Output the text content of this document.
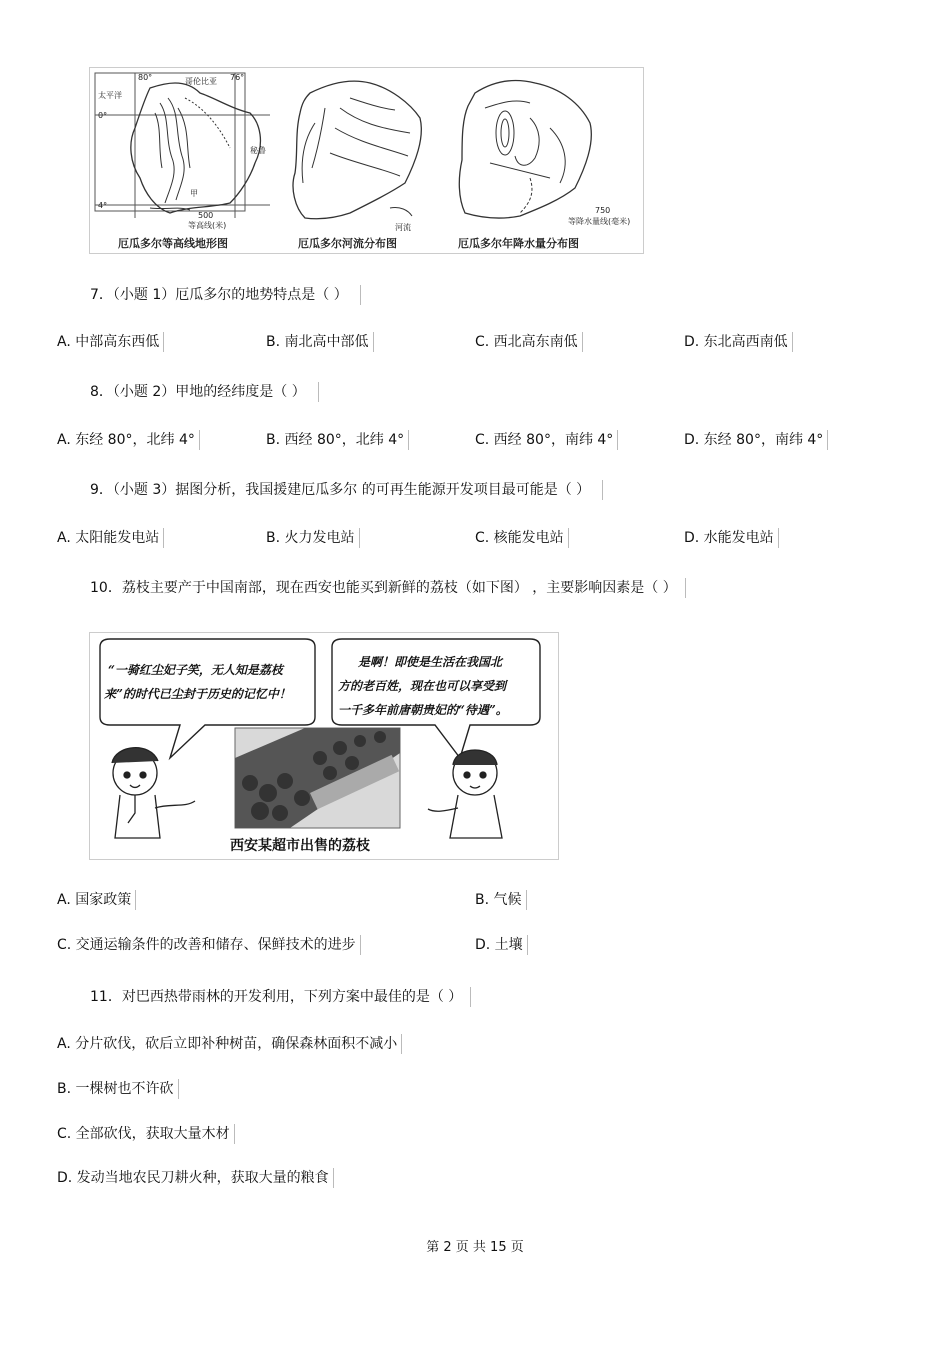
80°	76°
哥伦比亚
太平洋
0°
甲
秘鲁
4°
500
等高线(米)	河流
750
等降水量线(毫米)
厄瓜多尔等高线地形图	厄瓜多尔河流分布图	厄瓜多尔年降水量分布图
7．（小题 1）厄瓜多尔的地势特点是（ ）
A. 中部高东西低	B. 南北高中部低	C. 西北高东南低	D. 东北高西南低
8．（小题 2）甲地的经纬度是（ ）
A. 东经 80°，北纬 4°	B. 西经 80°，北纬 4°	C. 西经 80°，南纬 4°	D. 东经 80°，南纬 4°
9．（小题 3）据图分析，我国援建厄瓜多尔 的可再生能源开发项目最可能是（ ）
A. 太阳能发电站	B. 火力发电站	C. 核能发电站	D. 水能发电站
10．荔枝主要产于中国南部，现在西安也能买到新鲜的荔枝（如下图） ，主要影响因素是（ ）
“一骑红尘妃子笑，无人知是荔枝
来”的时代已尘封于历史的记忆中！
是啊！即使是生活在我国北
方的老百姓，现在也可以享受到
一千多年前唐朝贵妃的“待遇”。
西安某超市出售的荔枝
A. 国家政策	B. 气候
C. 交通运输条件的改善和储存、保鲜技术的进步	D. 土壤
11．对巴西热带雨林的开发利用，下列方案中最佳的是（ ）
A. 分片砍伐，砍后立即补种树苗，确保森林面积不减小
B. 一棵树也不许砍
C. 全部砍伐，获取大量木材
D. 发动当地农民刀耕火种，获取大量的粮食
第 2 页 共 15 页
